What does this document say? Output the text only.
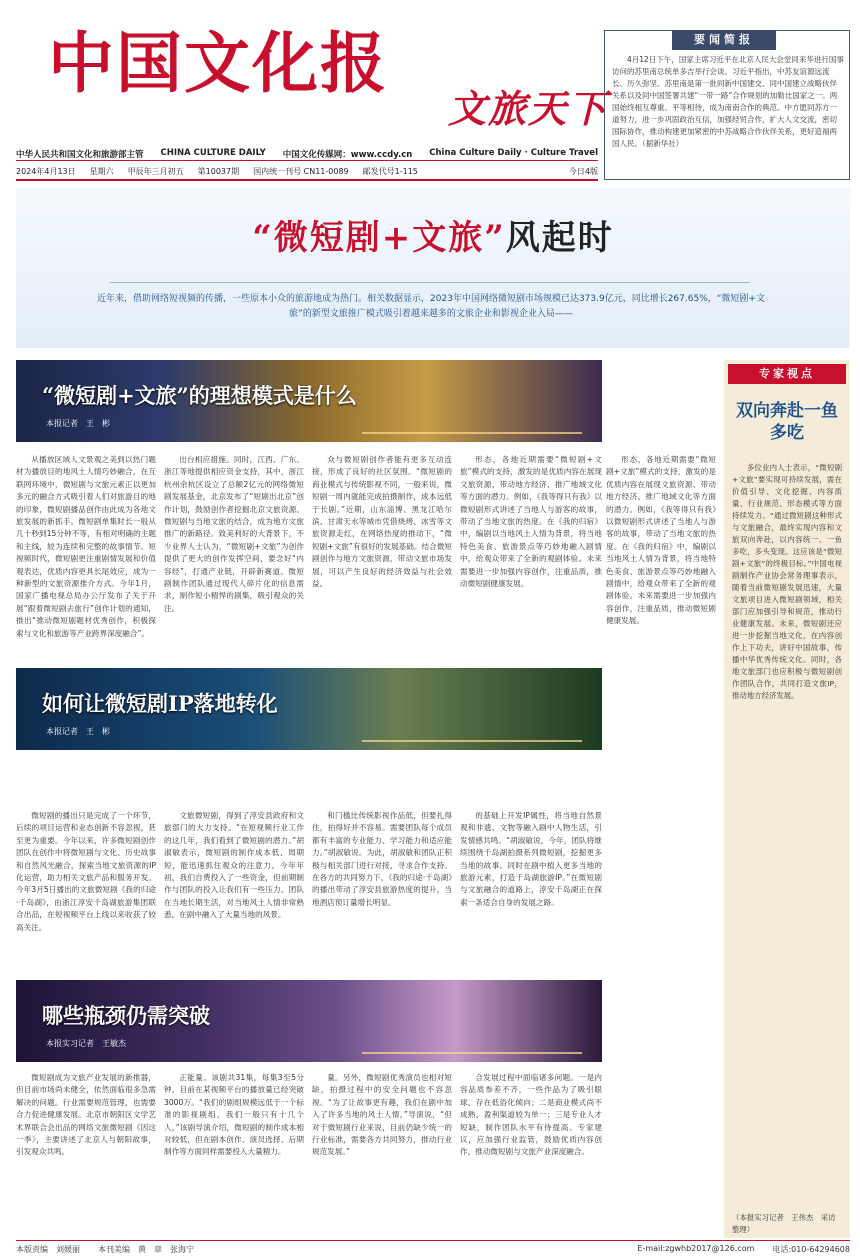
中国文化报
文旅天下
中华人民共和国文化和旅游部主管 CHINA CULTURE DAILY 中国文化传媒网：www.ccdy.cn China Culture Daily · Culture Travel
2024年4月13日 星期六 甲辰年三月初五 第10037期 国内统一刊号 CN11-0089 邮发代号1-115	今日4版
要闻简报
4月12日下午，国家主席习近平在北京人民大会堂同来华进行国事访问的苏里南总统单多吉举行会谈。习近平指出，中苏友谊源远流长、历久弥坚。苏里南是第一批同新中国建交、同中国建立战略伙伴关系以及同中国签署共建“一带一路”合作规划的加勒比国家之一。两国始终相互尊重、平等相待，成为南南合作的典范。中方愿同苏方一道努力，进一步巩固政治互信，加强经贸合作，扩大人文交流，密切国际协作，推动构建更加紧密的中苏战略合作伙伴关系，更好造福两国人民。（据新华社）
“微短剧+文旅”风起时
近年来，借助网络短视频的传播，一些原本小众的旅游地成为热门。相关数据显示，2023年中国网络微短剧市场规模已达373.9亿元，同比增长267.65%，“微短剧+文旅”的新型文旅推广模式吸引着越来越多的文旅企业和影视企业入局——
“微短剧+文旅”的理想模式是什么
本报记者　王　彬
从播放区域人文景观之美到以热门题材为播放目的地风土人情巧妙融合，在互联网环境中，微短剧与文旅元素正以更加多元的融合方式吸引着人们对旅游目的地的印象，微短剧播品创作由此成为各地文旅发展的新抓手。微短剧单集时长一般从几十秒到15分钟不等，有相对明确的主题和主线，较为连续和完整的故事情节。短视频时代，微短剧更注重剧情发展和价值观表达，优质内容更具长尾效应，成为一种新型的文旅资源推介方式。今年1月，国家广播电视总局办公厅发布了关于开展“跟着微短剧去旅行”创作计划的通知，推出“推动微短剧题材优秀创作，积极探索与文化和旅游等产业跨界深度融合”。
出台相应措施。同时，江西、广东、浙江等地提供相应资金支持，其中，浙江杭州余杭区设立了总额2亿元的网络微短剧发展基金，北京发布了“短剧出北京”创作计划，鼓励创作者挖掘北京文旅资源。微短剧与当地文旅的结合，成为地方文旅推广的新路径。致美利好的大背景下，不少业界人士认为，“微短剧+文旅”为创作提供了更大的创作发挥空间，要念好“内容经”，打通产业链，开辟新赛道。微短剧制作团队通过现代人碎片化的信息需求，制作短小精悍的剧集，吸引观众的关注。
众与微短剧创作者能有更多互动连接，形成了良好的社区氛围。“微短剧的商业模式与传统影视不同，一般来说，微短剧一周内就能完成拍摄制作，成本远低于长剧。”近期，山东淄博、黑龙江哈尔滨、甘肃天水等城市凭借烧烤、冰雪等文旅资源走红，在网络热度的推动下，“微短剧+文旅”有很好的发展基础。结合微短剧创作与地方文旅资源，带动文旅市场发展，可以产生良好的经济效益与社会效益。
形态，各地近期需要“微短剧+文旅”模式的支持，激发的是优质内容在展现文旅资源、带动地方经济、推广地域文化等方面的潜力。例如，《我等得只有我》以微短剧形式讲述了当地人与游客的故事，带动了当地文旅的热度。在《我的归宿》中，编剧以当地风土人情为背景，将当地特色美食、旅游景点等巧妙地融入剧情中，给观众带来了全新的观剧体验。未来需要进一步加强内容创作，注重品质，推动微短剧健康发展。
形态，各地近期需要“微短剧+文旅”模式的支持，激发的是优质内容在展现文旅资源、带动地方经济、推广地域文化等方面的潜力。例如，《我等得只有我》以微短剧形式讲述了当地人与游客的故事，带动了当地文旅的热度。在《我的归宿》中，编剧以当地风土人情为背景，将当地特色美食、旅游景点等巧妙地融入剧情中，给观众带来了全新的观剧体验。未来需要进一步加强内容创作，注重品质，推动微短剧健康发展。
如何让微短剧IP落地转化
本报记者　王　彬
微短剧的播出只是完成了一个环节，后续的项目运营和业态创新不容忽视，甚至更为重要。今年以来，许多微短剧创作团队在创作中将微短剧与文化、历史故事和自然风光融合，探索当地文旅资源的IP化运营，助力相关文旅产品和服务开发。今年3月5日播出的文旅微短剧《我的归途·千岛湖》，由浙江淳安千岛湖旅游集团联合出品，在短视频平台上线以来收获了较高关注。
文旅微短剧，得到了淳安县政府和文旅部门的大力支持。“在短视频行业工作的这几年，我们看到了微短剧的潜力。”胡淑敏表示，微短剧的制作成本低、周期短，能迅速抓住观众的注意力。今年年初，我们自费投入了一些资金，但前期制作与团队的投入让我们有一些压力。团队在当地长期生活，对当地风土人情非常熟悉，在剧中融入了大量当地的风景。
和门槛比传统影视作品低，但要扎得住，拍得好并不容易。需要团队每个成员都有丰富的专业能力、学习能力和适应能力。”胡淑敏说。为此，胡淑敏和团队正积极与相关部门进行对接，寻求合作支持。在各方的共同努力下，《我的归途·千岛湖》的播出带动了淳安县旅游热度的提升，当地酒店预订量增长明显。
的基础上开发IP属性，将当地自然景观和非遗、文物等融入剧中人物生活，引发情感共鸣。“胡淑敏说，今年，团队将继续围绕千岛湖拍摄系列微短剧，挖掘更多当地的故事。同时在剧中植入更多当地的旅游元素，打造千岛湖旅游IP。”在微短剧与文旅融合的道路上，淳安千岛湖正在探索一条适合自身的发展之路。
哪些瓶颈仍需突破
本报实习记者　王敏杰
微短剧成为文旅产业发展的新推器，但目前市场尚未健全，依然面临很多急需解决的问题。行业需要规范管理，也需要合力促进健康发展。北京市朝阳区文学艺术界联合会出品的网络文旅微短剧《因这一季》，主要讲述了北京人与朝阳故事，引发观众共鸣。
正能量。该剧共31集，每集3至5分钟，目前在某视频平台的播放量已经突破3000万。“我们的剧组规模远低于一个标准的影视剧组，我们一般只有十几个人，”该剧导演介绍，微短剧的制作成本相对较低，但在剧本创作、演员选择、后期制作等方面同样需要投入大量精力。
量。另外，微短剧优秀演员也相对短缺，拍摄过程中的安全问题也不容忽视。“为了让故事更有趣，我们在剧中加入了许多当地的风土人情，”导演说，“但对于微短剧行业来说，目前仍缺少统一的行业标准，需要各方共同努力，推动行业规范发展。”
合发展过程中面临诸多问题。一是内容品质参差不齐，一些作品为了吸引眼球，存在低俗化倾向；二是商业模式尚不成熟，盈利渠道较为单一；三是专业人才短缺，制作团队水平有待提高。专家建议，应加强行业监管，鼓励优质内容创作，推动微短剧与文旅产业深度融合。
专家视点
双向奔赴一鱼多吃
多位业内人士表示，“微短剧+文旅”要实现可持续发展，需在价值引导、文化挖掘、内容质量、行业规范、形态模式等方面持续发力。“通过微短剧这种形式与文旅融合，最终实现内容和文旅双向奔赴，以内容统一、一鱼多吃，多头变现。这应该是“微短剧+文旅”的终极目标。”中国电视剧制作产业协会常务理事表示，随着当前微短剧发展迅速，大量文旅项目进入微短剧领域，相关部门应加强引导和规范，推动行业健康发展。未来，微短剧还应进一步挖掘当地文化，在内容创作上下功夫，讲好中国故事，传播中华优秀传统文化。同时，各地文旅部门也应积极与微短剧创作团队合作，共同打造文旅IP，推动地方经济发展。
（本报实习记者　王伟杰　采访整理）
本版责编　刘媛丽 本刊美编　黄　章　张海宁	E-mail:zgwhb2017@126.com 电话:010-64294608
